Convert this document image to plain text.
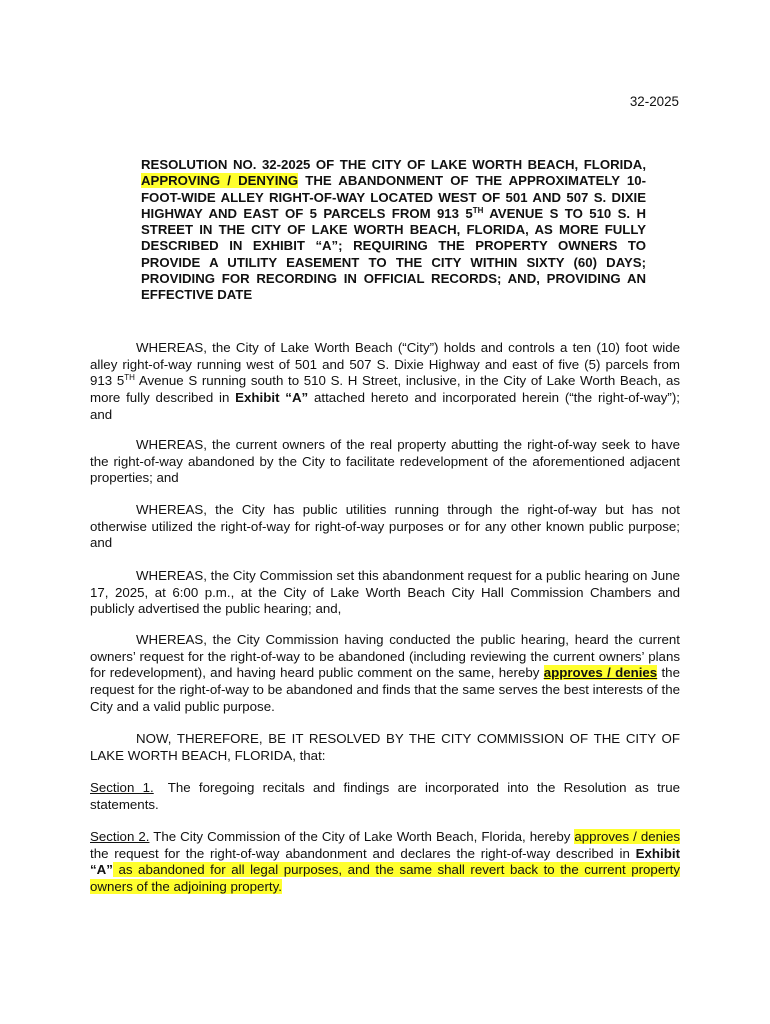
32-2025
RESOLUTION NO. 32-2025 OF THE CITY OF LAKE WORTH BEACH, FLORIDA, APPROVING / DENYING THE ABANDONMENT OF THE APPROXIMATELY 10-FOOT-WIDE ALLEY RIGHT-OF-WAY LOCATED WEST OF 501 AND 507 S. DIXIE HIGHWAY AND EAST OF 5 PARCELS FROM 913 5TH AVENUE S TO 510 S. H STREET IN THE CITY OF LAKE WORTH BEACH, FLORIDA, AS MORE FULLY DESCRIBED IN EXHIBIT “A”; REQUIRING THE PROPERTY OWNERS TO PROVIDE A UTILITY EASEMENT TO THE CITY WITHIN SIXTY (60) DAYS; PROVIDING FOR RECORDING IN OFFICIAL RECORDS; AND, PROVIDING AN EFFECTIVE DATE
WHEREAS, the City of Lake Worth Beach (“City”) holds and controls a ten (10) foot wide alley right-of-way running west of 501 and 507 S. Dixie Highway and east of five (5) parcels from 913 5TH Avenue S running south to 510 S. H Street, inclusive, in the City of Lake Worth Beach, as more fully described in Exhibit “A” attached hereto and incorporated herein (“the right-of-way”); and
WHEREAS, the current owners of the real property abutting the right-of-way seek to have the right-of-way abandoned by the City to facilitate redevelopment of the aforementioned adjacent properties; and
WHEREAS, the City has public utilities running through the right-of-way but has not otherwise utilized the right-of-way for right-of-way purposes or for any other known public purpose; and
WHEREAS, the City Commission set this abandonment request for a public hearing on June 17, 2025, at 6:00 p.m., at the City of Lake Worth Beach City Hall Commission Chambers and publicly advertised the public hearing; and,
WHEREAS, the City Commission having conducted the public hearing, heard the current owners’ request for the right-of-way to be abandoned (including reviewing the current owners’ plans for redevelopment), and having heard public comment on the same, hereby approves / denies the request for the right-of-way to be abandoned and finds that the same serves the best interests of the City and a valid public purpose.
NOW, THEREFORE, BE IT RESOLVED BY THE CITY COMMISSION OF THE CITY OF LAKE WORTH BEACH, FLORIDA, that:
Section 1. The foregoing recitals and findings are incorporated into the Resolution as true statements.
Section 2. The City Commission of the City of Lake Worth Beach, Florida, hereby approves / denies the request for the right-of-way abandonment and declares the right-of-way described in Exhibit “A” as abandoned for all legal purposes, and the same shall revert back to the current property owners of the adjoining property.
